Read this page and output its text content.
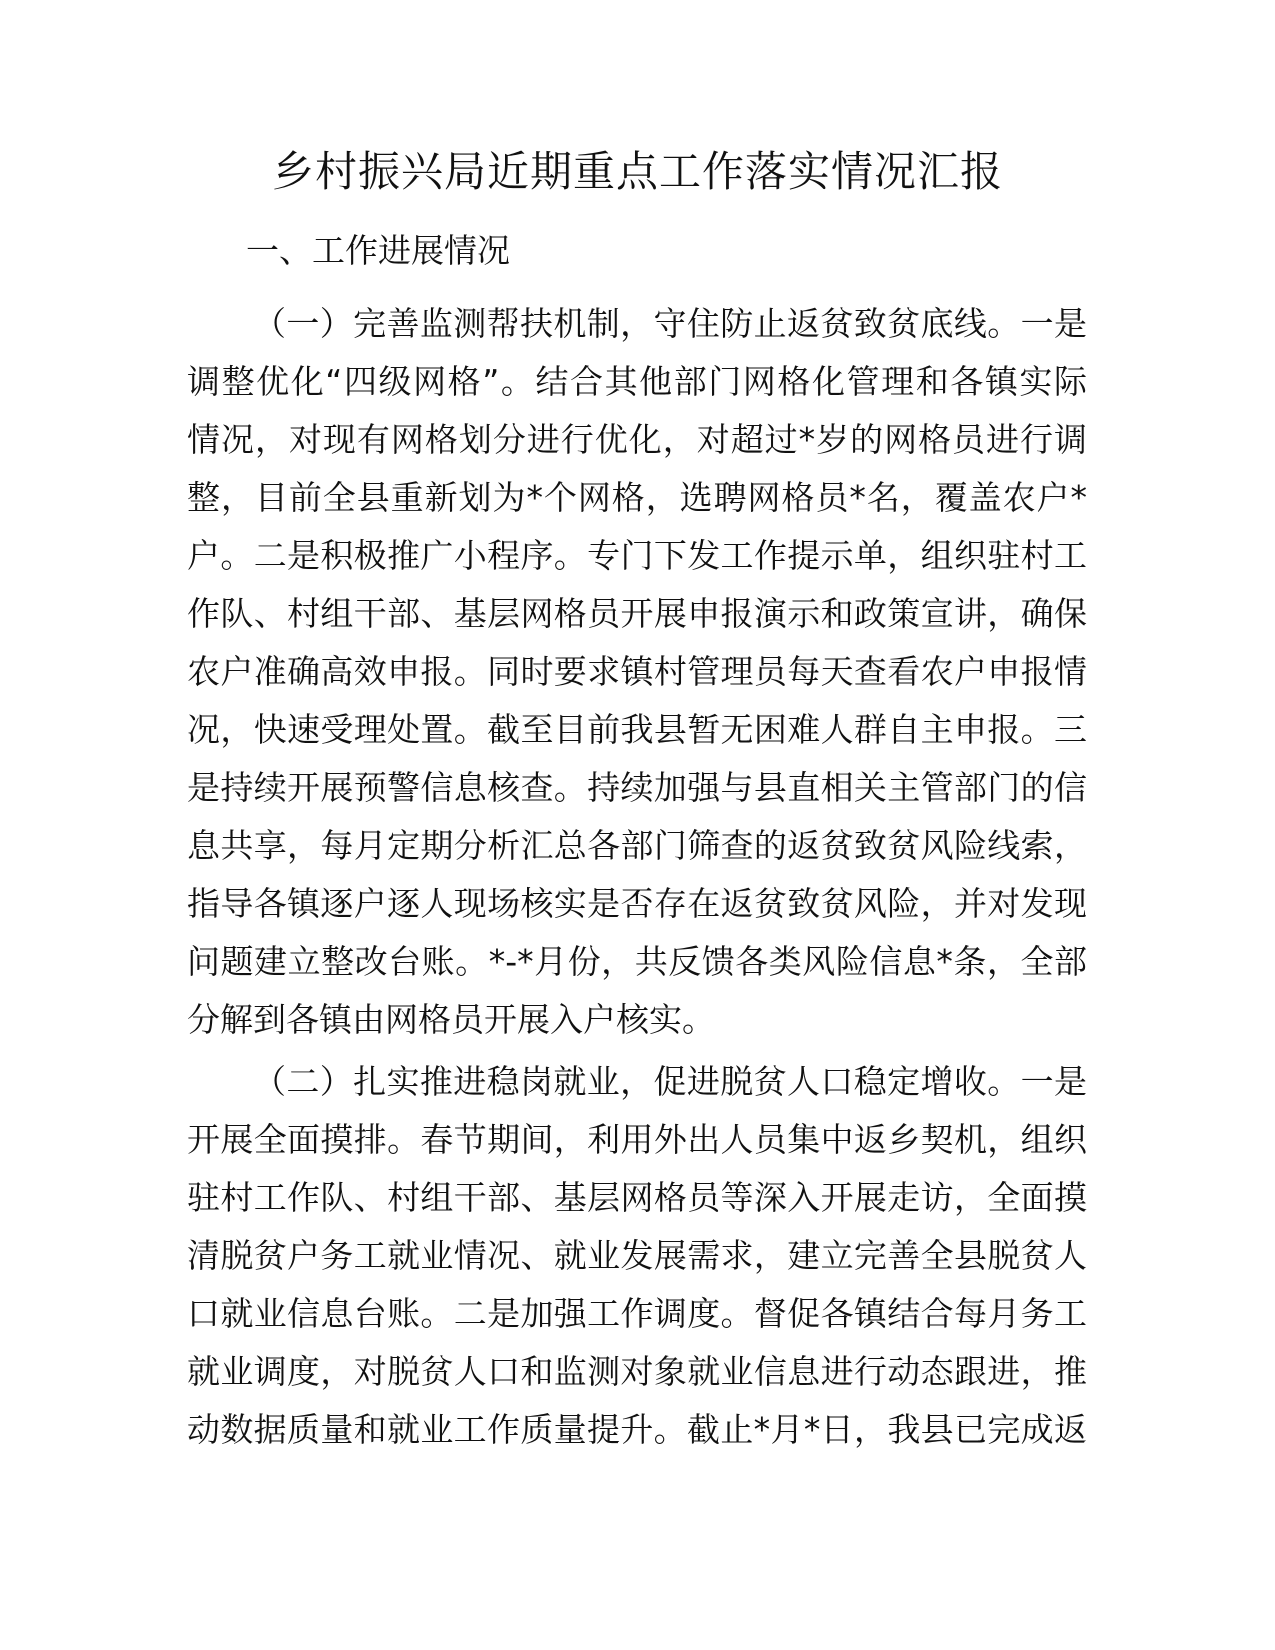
乡村振兴局近期重点工作落实情况汇报
一、工作进展情况
（一）完善监测帮扶机制，守住防止返贫致贫底线。一是
调整优化“四级网格”。结合其他部门网格化管理和各镇实际
情况，对现有网格划分进行优化，对超过*岁的网格员进行调
整，目前全县重新划为*个网格，选聘网格员*名，覆盖农户*
户。二是积极推广小程序。专门下发工作提示单，组织驻村工
作队、村组干部、基层网格员开展申报演示和政策宣讲，确保
农户准确高效申报。同时要求镇村管理员每天查看农户申报情
况，快速受理处置。截至目前我县暂无困难人群自主申报。三
是持续开展预警信息核查。持续加强与县直相关主管部门的信
息共享，每月定期分析汇总各部门筛查的返贫致贫风险线索，
指导各镇逐户逐人现场核实是否存在返贫致贫风险，并对发现
问题建立整改台账。*-*月份，共反馈各类风险信息*条，全部
分解到各镇由网格员开展入户核实。
（二）扎实推进稳岗就业，促进脱贫人口稳定增收。一是
开展全面摸排。春节期间，利用外出人员集中返乡契机，组织
驻村工作队、村组干部、基层网格员等深入开展走访，全面摸
清脱贫户务工就业情况、就业发展需求，建立完善全县脱贫人
口就业信息台账。二是加强工作调度。督促各镇结合每月务工
就业调度，对脱贫人口和监测对象就业信息进行动态跟进，推
动数据质量和就业工作质量提升。截止*月*日，我县已完成返
